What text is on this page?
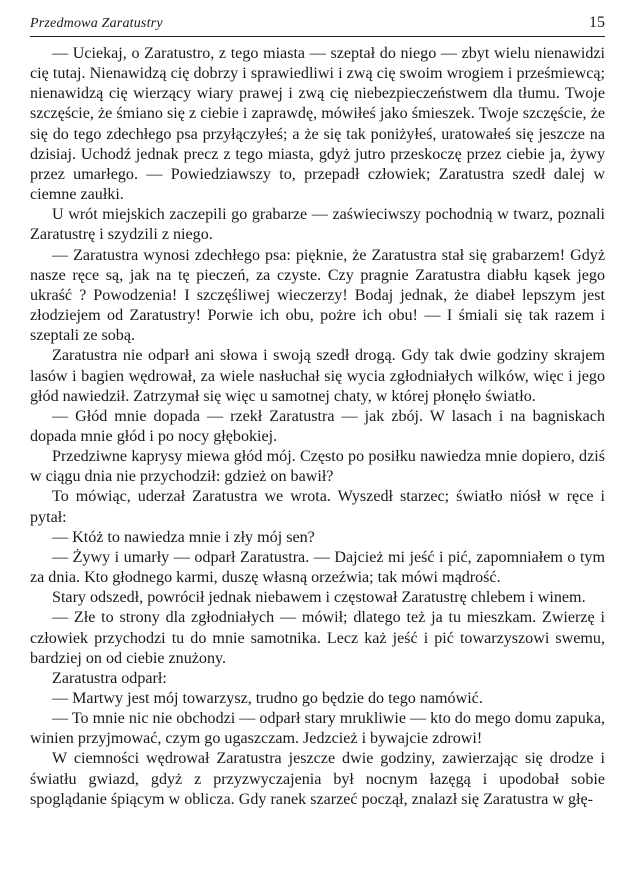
Przedmowa Zaratustry	15

— Uciekaj, o Zaratustro, z tego miasta — szeptał do niego — zbyt wielu nienawidzi cię tutaj. Nienawidzą cię dobrzy i sprawiedliwi i zwą cię swoim wrogiem i prześmiewcą; nienawidzą cię wierzący wiary prawej i zwą cię niebezpieczeństwem dla tłumu. Twoje szczęście, że śmiano się z ciebie i zaprawdę, mówiłeś jako śmieszek. Twoje szczęście, że się do tego zdechłego psa przyłączyłeś; a że się tak poniżyłeś, uratowałeś się jeszcze na dzisiaj. Uchodź jednak precz z tego miasta, gdyż jutro przeskoczę przez ciebie ja, żywy przez umarłego. — Powiedziawszy to, przepadł człowiek; Zaratustra szedł dalej w ciemne zaułki.

U wrót miejskich zaczepili go grabarze — zaświeciwszy pochodnią w twarz, poznali Zaratustrę i szydzili z niego.

— Zaratustra wynosi zdechłego psa: pięknie, że Zaratustra stał się grabarzem! Gdyż nasze ręce są, jak na tę pieczeń, za czyste. Czy pragnie Zaratustra diabłu kąsek jego ukraść ? Powodzenia! I szczęśliwej wieczerzy! Bodaj jednak, że diabeł lepszym jest złodziejem od Zaratustry! Porwie ich obu, pożre ich obu! — I śmiali się tak razem i szeptali ze sobą.

Zaratustra nie odparł ani słowa i swoją szedł drogą. Gdy tak dwie godziny skrajem lasów i bagien wędrował, za wiele nasłuchał się wycia zgłodniałych wilków, więc i jego głód nawiedził. Zatrzymał się więc u samotnej chaty, w której płonęło światło.

— Głód mnie dopada — rzekł Zaratustra — jak zbój. W lasach i na bagniskach dopada mnie głód i po nocy głębokiej.

Przedziwne kaprysy miewa głód mój. Często po posiłku nawiedza mnie dopiero, dziś w ciągu dnia nie przychodził: gdzież on bawił?

To mówiąc, uderzał Zaratustra we wrota. Wyszedł starzec; światło niósł w ręce i pytał:

— Któż to nawiedza mnie i zły mój sen?

— Żywy i umarły — odparł Zaratustra. — Dajcież mi jeść i pić, zapomniałem o tym za dnia. Kto głodnego karmi, duszę własną orzeźwia; tak mówi mądrość.

Stary odszedł, powrócił jednak niebawem i częstował Zaratustrę chlebem i winem.

— Złe to strony dla zgłodniałych — mówił; dlatego też ja tu mieszkam. Zwierzę i człowiek przychodzi tu do mnie samotnika. Lecz każ jeść i pić towarzyszowi swemu, bardziej on od ciebie znużony.

Zaratustra odparł:

— Martwy jest mój towarzysz, trudno go będzie do tego namówić.

— To mnie nic nie obchodzi — odparł stary mrukliwie — kto do mego domu zapuka, winien przyjmować, czym go ugaszczam. Jedzcież i bywajcie zdrowi!

W ciemności wędrował Zaratustra jeszcze dwie godziny, zawierzając się drodze i światłu gwiazd, gdyż z przyzwyczajenia był nocnym łazęgą i upodobał sobie spoglądanie śpiącym w oblicza. Gdy ranek szarzeć począł, znalazł się Zaratustra w głę-
